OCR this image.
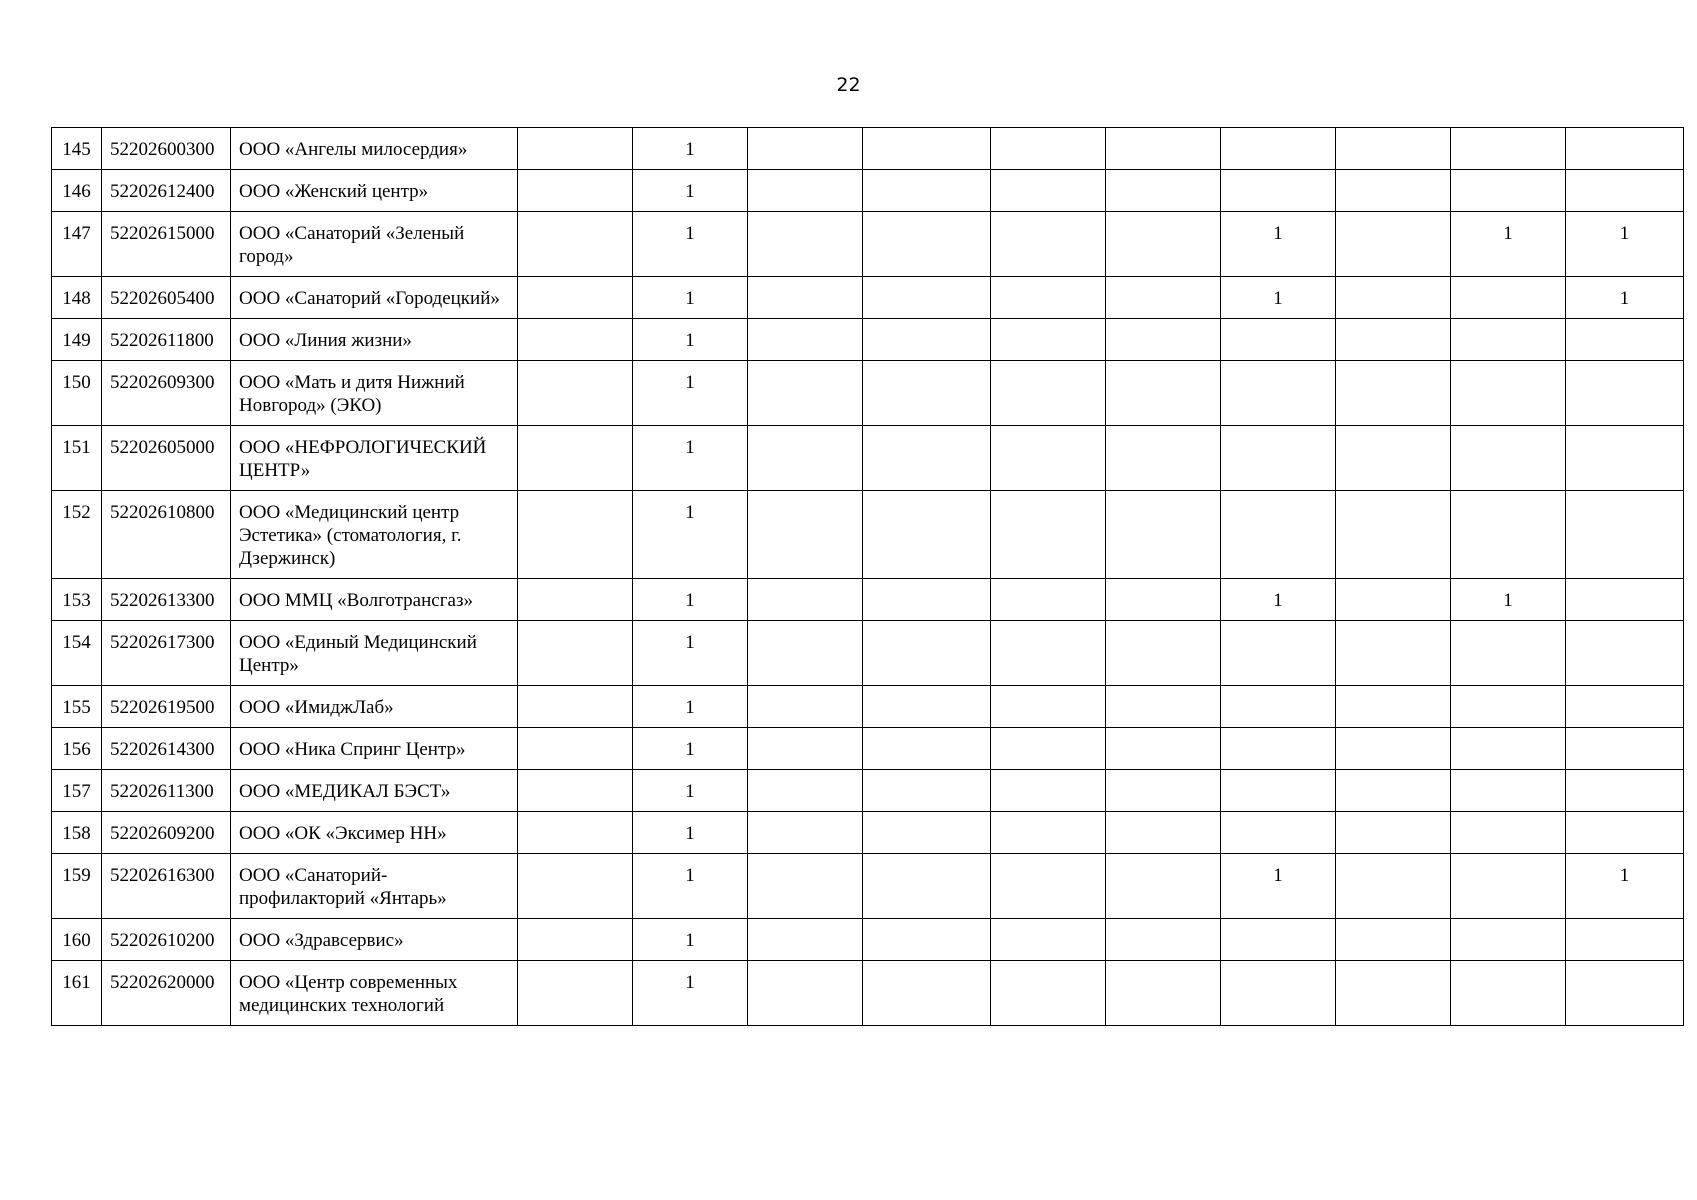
22
145	52202600300	ООО «Ангелы милосердия»		1								
146	52202612400	ООО «Женский центр»		1								
147	52202615000	ООО «Санаторий «Зеленый город»		1					1		1	1
148	52202605400	ООО «Санаторий «Городецкий»		1					1			1
149	52202611800	ООО «Линия жизни»		1								
150	52202609300	ООО «Мать и дитя Нижний Новгород» (ЭКО)		1								
151	52202605000	ООО «НЕФРОЛОГИЧЕСКИЙ ЦЕНТР»		1								
152	52202610800	ООО «Медицинский центр Эстетика» (стоматология, г. Дзержинск)		1								
153	52202613300	ООО ММЦ «Волготрансгаз»		1					1		1	
154	52202617300	ООО «Единый Медицинский Центр»		1								
155	52202619500	ООО «ИмиджЛаб»		1								
156	52202614300	ООО «Ника Спринг Центр»		1								
157	52202611300	ООО «МЕДИКАЛ БЭСТ»		1								
158	52202609200	ООО «ОК «Эксимер НН»		1								
159	52202616300	ООО «Санаторий-профилакторий «Янтарь»		1					1			1
160	52202610200	ООО «Здравсервис»		1								
161	52202620000	ООО «Центр современных медицинских технологий		1								
